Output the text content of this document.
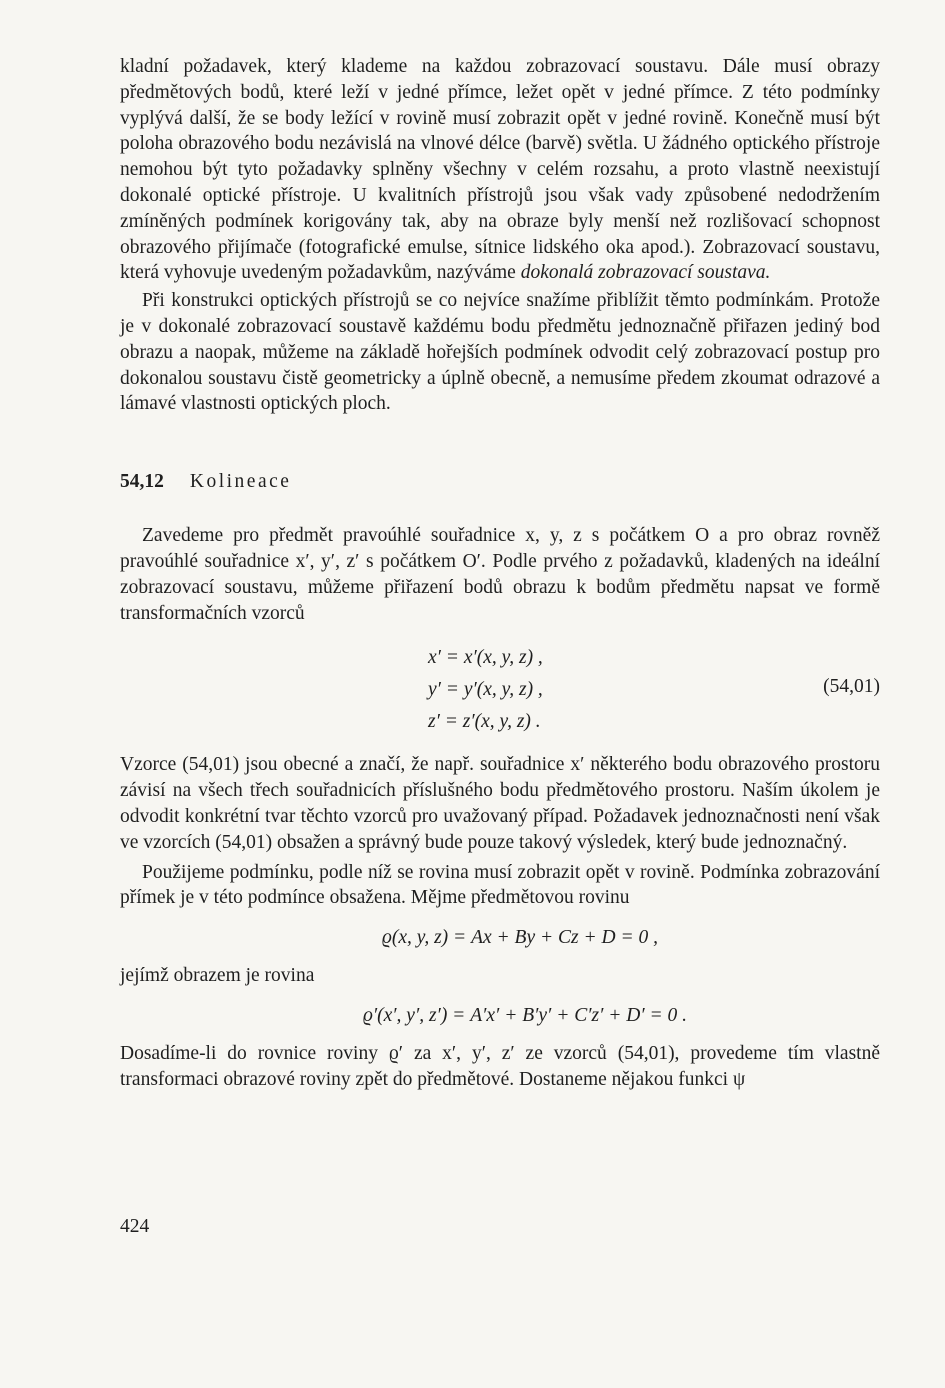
kladní požadavek, který klademe na každou zobrazovací soustavu. Dále musí obrazy předmětových bodů, které leží v jedné přímce, ležet opět v jedné přímce. Z této podmínky vyplývá další, že se body ležící v rovině musí zobrazit opět v jedné rovině. Konečně musí být poloha obrazového bodu nezávislá na vlnové délce (barvě) světla. U žádného optického přístroje nemohou být tyto požadavky splněny všechny v celém rozsahu, a proto vlastně neexistují dokonalé optické přístroje. U kvalitních přístrojů jsou však vady způsobené nedodržením zmíněných podmínek korigovány tak, aby na obraze byly menší než rozlišovací schopnost obrazového přijímače (fotografické emulse, sítnice lidského oka apod.). Zobrazovací soustavu, která vyhovuje uvedeným požadavkům, nazýváme dokonalá zobrazovací soustava.

Při konstrukci optických přístrojů se co nejvíce snažíme přiblížit těmto podmínkám. Protože je v dokonalé zobrazovací soustavě každému bodu předmětu jednoznačně přiřazen jediný bod obrazu a naopak, můžeme na základě hořejších podmínek odvodit celý zobrazovací postup pro dokonalou soustavu čistě geometricky a úplně obecně, a nemusíme předem zkoumat odrazové a lámavé vlastnosti optických ploch.

54,12 Kolineace

Zavedeme pro předmět pravoúhlé souřadnice x, y, z s počátkem O a pro obraz rovněž pravoúhlé souřadnice x′, y′, z′ s počátkem O′. Podle prvého z požadavků, kladených na ideální zobrazovací soustavu, můžeme přiřazení bodů obrazu k bodům předmětu napsat ve formě transformačních vzorců

x′ = x′(x, y, z) ,
y′ = y′(x, y, z) ,
z′ = z′(x, y, z) .
(54,01)

Vzorce (54,01) jsou obecné a značí, že např. souřadnice x′ některého bodu obrazového prostoru závisí na všech třech souřadnicích příslušného bodu předmětového prostoru. Naším úkolem je odvodit konkrétní tvar těchto vzorců pro uvažovaný případ. Požadavek jednoznačnosti není však ve vzorcích (54,01) obsažen a správný bude pouze takový výsledek, který bude jednoznačný.

Použijeme podmínku, podle níž se rovina musí zobrazit opět v rovině. Podmínka zobrazování přímek je v této podmínce obsažena. Mějme předmětovou rovinu

ϱ(x, y, z) = Ax + By + Cz + D = 0 ,

jejímž obrazem je rovina

ϱ′(x′, y′, z′) = A′x′ + B′y′ + C′z′ + D′ = 0 .

Dosadíme-li do rovnice roviny ϱ′ za x′, y′, z′ ze vzorců (54,01), provedeme tím vlastně transformaci obrazové roviny zpět do předmětové. Dostaneme nějakou funkci ψ

424
